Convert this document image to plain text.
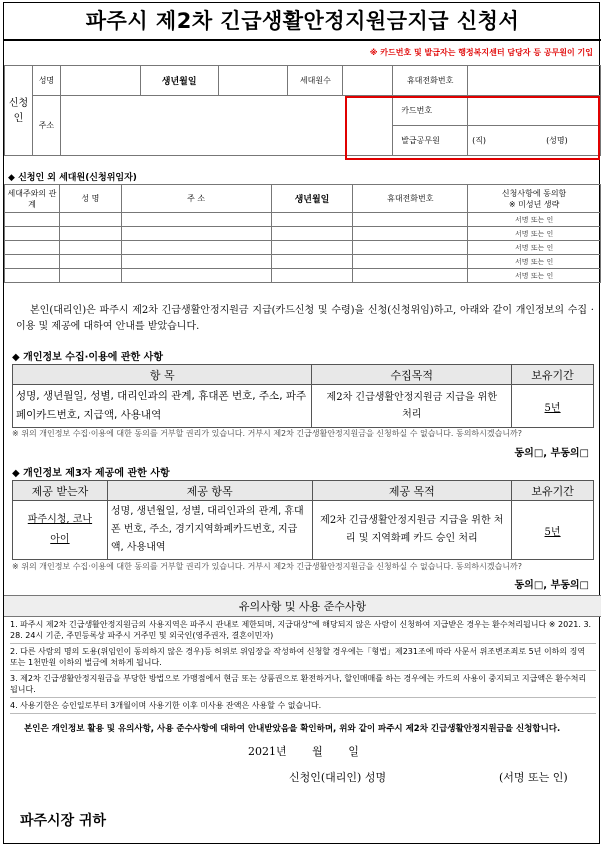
파주시 제2차 긴급생활안정지원금지급 신청서
※ 카드번호 및 발급자는 행정복지센터 담당자 등 공무원이 기입
신청인	성명		생년월일		세대원수		휴대전화번호	
	주소						카드번호	
							발급공무원	(직) (성명)
◆ 신청인 외 세대원(신청위임자)
세대주와의 관계	성 명	주 소	생년월일	휴대전화번호	신청사항에 동의함
※ 미성년 생략

					서명 또는 인
					서명 또는 인
					서명 또는 인
					서명 또는 인
					서명 또는 인
본인(대리인)은 파주시 제2차 긴급생활안정지원금 지급(카드신청 및 수령)을 신청(신청위임)하고, 아래와 같이 개인정보의 수집 · 이용 및 제공에 대하여 안내를 받았습니다.
◆ 개인정보 수집·이용에 관한 사항
항 목	수집목적	보유기간
성명, 생년월일, 성별, 대리인과의 관계, 휴대폰 번호, 주소, 파주페이카드번호, 지급액, 사용내역	제2차 긴급생활안정지원금 지급을 위한 처리	5년
※ 위의 개인정보 수집·이용에 대한 동의를 거부할 권리가 있습니다. 거부시 제2차 긴급생활안정지원금을 신청하실 수 없습니다. 동의하시겠습니까?
동의□, 부동의□
◆ 개인정보 제3자 제공에 관한 사항
제공 받는자	제공 항목	제공 목적	보유기간
파주시청, 코나아이	성명, 생년월일, 성별, 대리인과의 관계, 휴대폰 번호, 주소, 경기지역화폐카드번호, 지급액, 사용내역	제2차 긴급생활안정지원금 지급을 위한 처리 및 지역화폐 카드 승인 처리	5년
※ 위의 개인정보 수집·이용에 대한 동의를 거부할 권리가 있습니다. 거부시 제2차 긴급생활안정지원금을 신청하실 수 없습니다. 동의하시겠습니까?
동의□, 부동의□
유의사항 및 사용 준수사항
1. 파주시 제2차 긴급생활안정지원금의 사용지역은 파주시 관내로 제한되며, 지급대상"에 해당되지 않은 사람이 신청하여 지급받은 경우는 환수처리됩니다 ※ 2021. 3. 28. 24시 기준, 주민등록상 파주시 거주민 및 외국인(영주권자, 결혼이민자)
2. 다른 사람의 명의 도용(위임인이 동의하지 않은 경우)등 허위로 위임장을 작성하여 신청할 경우에는「형법」제231조에 따라 사문서 위조변조죄로 5년 이하의 징역 또는 1천만원 이하의 벌금에 처하게 됩니다.
3. 제2차 긴급생활안정지원금을 부당한 방법으로 가맹점에서 현금 또는 상품권으로 환전하거나, 할인매매를 하는 경우에는 카드의 사용이 중지되고 지급액은 환수처리 됩니다.
4. 사용기한은 승인일로부터 3개월이며 사용기한 이후 미사용 잔액은 사용할 수 없습니다.
본인은 개인정보 활용 및 유의사항, 사용 준수사항에 대하여 안내받았음을 확인하며, 위와 같이 파주시 제2차 긴급생활안정지원금을 신청합니다.
2021년 월 일
신청인(대리인) 성명	(서명 또는 인)
파주시장 귀하
